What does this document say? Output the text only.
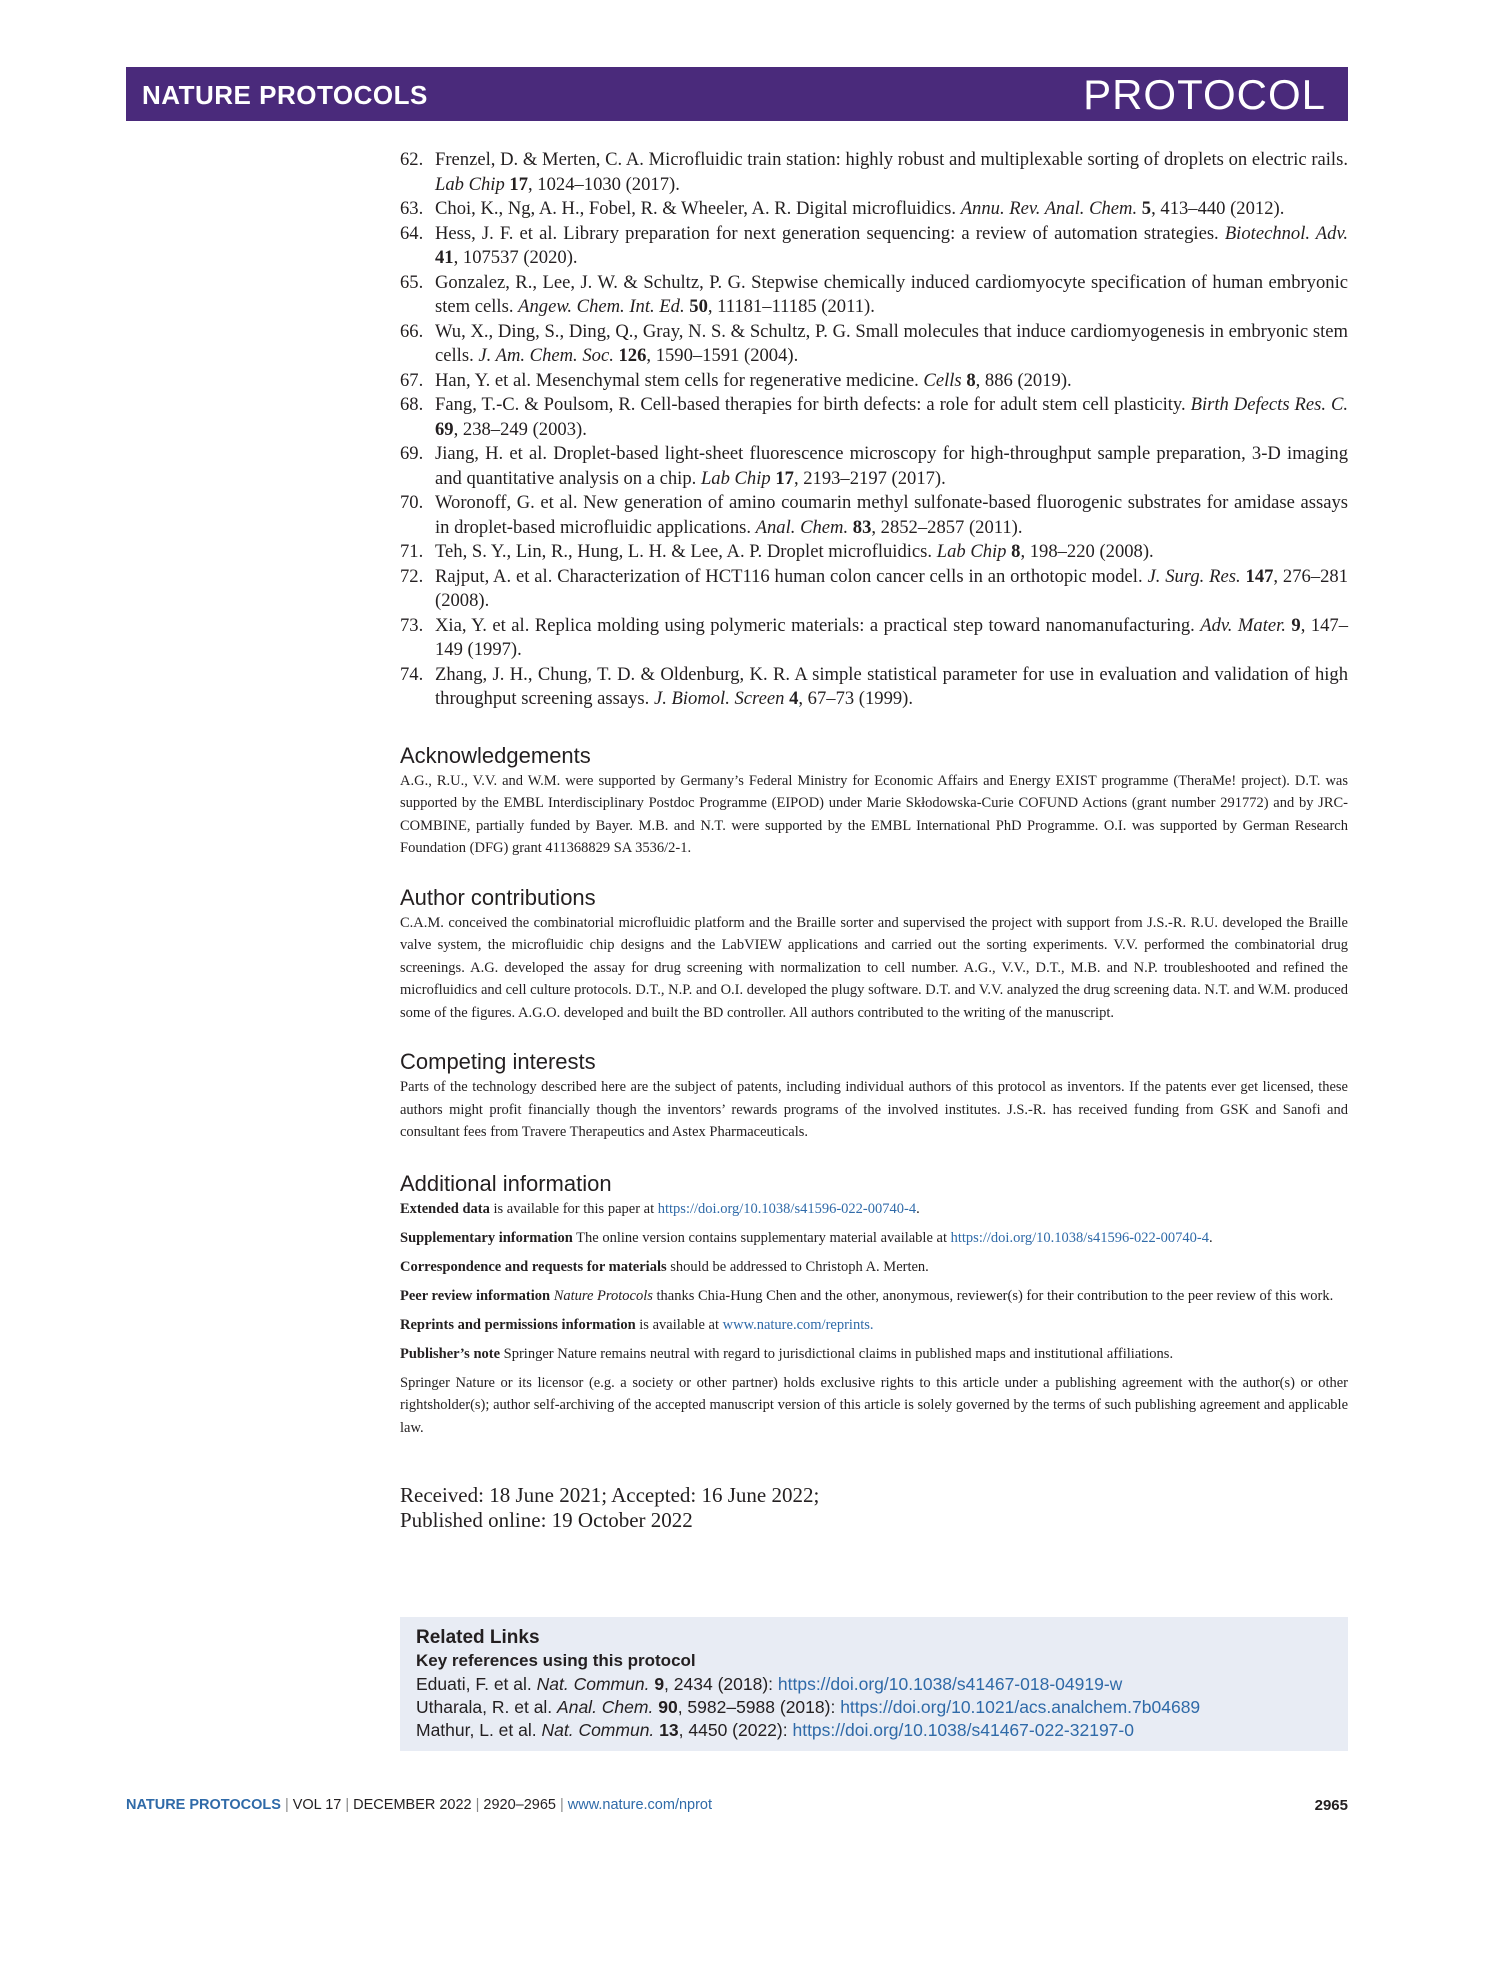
NATURE PROTOCOLS	PROTOCOL
62. Frenzel, D. & Merten, C. A. Microfluidic train station: highly robust and multiplexable sorting of droplets on electric rails. Lab Chip 17, 1024–1030 (2017).
63. Choi, K., Ng, A. H., Fobel, R. & Wheeler, A. R. Digital microfluidics. Annu. Rev. Anal. Chem. 5, 413–440 (2012).
64. Hess, J. F. et al. Library preparation for next generation sequencing: a review of automation strategies. Biotechnol. Adv. 41, 107537 (2020).
65. Gonzalez, R., Lee, J. W. & Schultz, P. G. Stepwise chemically induced cardiomyocyte specification of human embryonic stem cells. Angew. Chem. Int. Ed. 50, 11181–11185 (2011).
66. Wu, X., Ding, S., Ding, Q., Gray, N. S. & Schultz, P. G. Small molecules that induce cardiomyogenesis in embryonic stem cells. J. Am. Chem. Soc. 126, 1590–1591 (2004).
67. Han, Y. et al. Mesenchymal stem cells for regenerative medicine. Cells 8, 886 (2019).
68. Fang, T.-C. & Poulsom, R. Cell-based therapies for birth defects: a role for adult stem cell plasticity. Birth Defects Res. C. 69, 238–249 (2003).
69. Jiang, H. et al. Droplet-based light-sheet fluorescence microscopy for high-throughput sample preparation, 3-D imaging and quantitative analysis on a chip. Lab Chip 17, 2193–2197 (2017).
70. Woronoff, G. et al. New generation of amino coumarin methyl sulfonate-based fluorogenic substrates for amidase assays in droplet-based microfluidic applications. Anal. Chem. 83, 2852–2857 (2011).
71. Teh, S. Y., Lin, R., Hung, L. H. & Lee, A. P. Droplet microfluidics. Lab Chip 8, 198–220 (2008).
72. Rajput, A. et al. Characterization of HCT116 human colon cancer cells in an orthotopic model. J. Surg. Res. 147, 276–281 (2008).
73. Xia, Y. et al. Replica molding using polymeric materials: a practical step toward nanomanufacturing. Adv. Mater. 9, 147–149 (1997).
74. Zhang, J. H., Chung, T. D. & Oldenburg, K. R. A simple statistical parameter for use in evaluation and validation of high throughput screening assays. J. Biomol. Screen 4, 67–73 (1999).
Acknowledgements

A.G., R.U., V.V. and W.M. were supported by Germany’s Federal Ministry for Economic Affairs and Energy EXIST programme (TheraMe! project). D.T. was supported by the EMBL Interdisciplinary Postdoc Programme (EIPOD) under Marie Skłodowska-Curie COFUND Actions (grant number 291772) and by JRC-COMBINE, partially funded by Bayer. M.B. and N.T. were supported by the EMBL International PhD Programme. O.I. was supported by German Research Foundation (DFG) grant 411368829 SA 3536/2-1.

Author contributions

C.A.M. conceived the combinatorial microfluidic platform and the Braille sorter and supervised the project with support from J.S.-R. R.U. developed the Braille valve system, the microfluidic chip designs and the LabVIEW applications and carried out the sorting experiments. V.V. performed the combinatorial drug screenings. A.G. developed the assay for drug screening with normalization to cell number. A.G., V.V., D.T., M.B. and N.P. troubleshooted and refined the microfluidics and cell culture protocols. D.T., N.P. and O.I. developed the plugy software. D.T. and V.V. analyzed the drug screening data. N.T. and W.M. produced some of the figures. A.G.O. developed and built the BD controller. All authors contributed to the writing of the manuscript.

Competing interests

Parts of the technology described here are the subject of patents, including individual authors of this protocol as inventors. If the patents ever get licensed, these authors might profit financially though the inventors’ rewards programs of the involved institutes. J.S.-R. has received funding from GSK and Sanofi and consultant fees from Travere Therapeutics and Astex Pharmaceuticals.

Additional information

Extended data is available for this paper at https://doi.org/10.1038/s41596-022-00740-4.

Supplementary information The online version contains supplementary material available at https://doi.org/10.1038/s41596-022-00740-4.

Correspondence and requests for materials should be addressed to Christoph A. Merten.

Peer review information Nature Protocols thanks Chia-Hung Chen and the other, anonymous, reviewer(s) for their contribution to the peer review of this work.

Reprints and permissions information is available at www.nature.com/reprints.

Publisher’s note Springer Nature remains neutral with regard to jurisdictional claims in published maps and institutional affiliations.

Springer Nature or its licensor (e.g. a society or other partner) holds exclusive rights to this article under a publishing agreement with the author(s) or other rightsholder(s); author self-archiving of the accepted manuscript version of this article is solely governed by the terms of such publishing agreement and applicable law.

Received: 18 June 2021; Accepted: 16 June 2022;

Published online: 19 October 2022

Related Links
Key references using this protocol
Eduati, F. et al. Nat. Commun. 9, 2434 (2018): https://doi.org/10.1038/s41467-018-04919-w
Utharala, R. et al. Anal. Chem. 90, 5982–5988 (2018): https://doi.org/10.1021/acs.analchem.7b04689
Mathur, L. et al. Nat. Commun. 13, 4450 (2022): https://doi.org/10.1038/s41467-022-32197-0
NATURE PROTOCOLS | VOL 17 | DECEMBER 2022 | 2920–2965 | www.nature.com/nprot	2965
